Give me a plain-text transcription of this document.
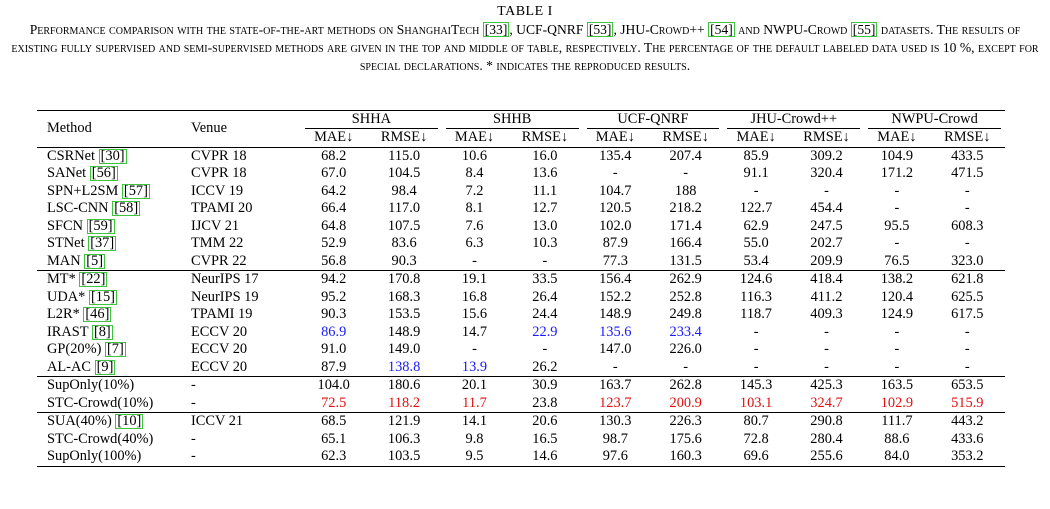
TABLE I
Performance comparison with the state-of-the-art methods on ShanghaiTech [33] , UCF-QNRF [53] , JHU-Crowd++ [54] and NWPU-Crowd [55] datasets. The results of existing fully supervised and semi-supervised methods are given in the top and middle of table, respectively. The percentage of the default labeled data used is 10 %, except for special declarations. * indicates the reproduced results.
Method	Venue	SHHA		SHHB		UCF-QNRF		JHU-Crowd++		NWPU-Crowd	

		MAE↓	RMSE↓	MAE↓	RMSE↓	MAE↓	RMSE↓	MAE↓	RMSE↓	MAE↓	RMSE↓
CSRNet [30]	CVPR 18	68.2	115.0	10.6	16.0	135.4	207.4	85.9	309.2	104.9	433.5
SANet [56]	CVPR 18	67.0	104.5	8.4	13.6	-	-	91.1	320.4	171.2	471.5
SPN+L2SM [57]	ICCV 19	64.2	98.4	7.2	11.1	104.7	188	-	-	-	-
LSC-CNN [58]	TPAMI 20	66.4	117.0	8.1	12.7	120.5	218.2	122.7	454.4	-	-
SFCN [59]	IJCV 21	64.8	107.5	7.6	13.0	102.0	171.4	62.9	247.5	95.5	608.3
STNet [37]	TMM 22	52.9	83.6	6.3	10.3	87.9	166.4	55.0	202.7	-	-
MAN [5]	CVPR 22	56.8	90.3	-	-	77.3	131.5	53.4	209.9	76.5	323.0
MT* [22]	NeurIPS 17	94.2	170.8	19.1	33.5	156.4	262.9	124.6	418.4	138.2	621.8
UDA* [15]	NeurIPS 19	95.2	168.3	16.8	26.4	152.2	252.8	116.3	411.2	120.4	625.5
L2R* [46]	TPAMI 19	90.3	153.5	15.6	24.4	148.9	249.8	118.7	409.3	124.9	617.5
IRAST [8]	ECCV 20	86.9	148.9	14.7	22.9	135.6	233.4	-	-	-	-
GP(20%) [7]	ECCV 20	91.0	149.0	-	-	147.0	226.0	-	-	-	-
AL-AC [9]	ECCV 20	87.9	138.8	13.9	26.2	-	-	-	-	-	-
SupOnly(10%)	-	104.0	180.6	20.1	30.9	163.7	262.8	145.3	425.3	163.5	653.5
STC-Crowd(10%)	-	72.5	118.2	11.7	23.8	123.7	200.9	103.1	324.7	102.9	515.9
SUA(40%) [10]	ICCV 21	68.5	121.9	14.1	20.6	130.3	226.3	80.7	290.8	111.7	443.2
STC-Crowd(40%)	-	65.1	106.3	9.8	16.5	98.7	175.6	72.8	280.4	88.6	433.6
SupOnly(100%)	-	62.3	103.5	9.5	14.6	97.6	160.3	69.6	255.6	84.0	353.2
